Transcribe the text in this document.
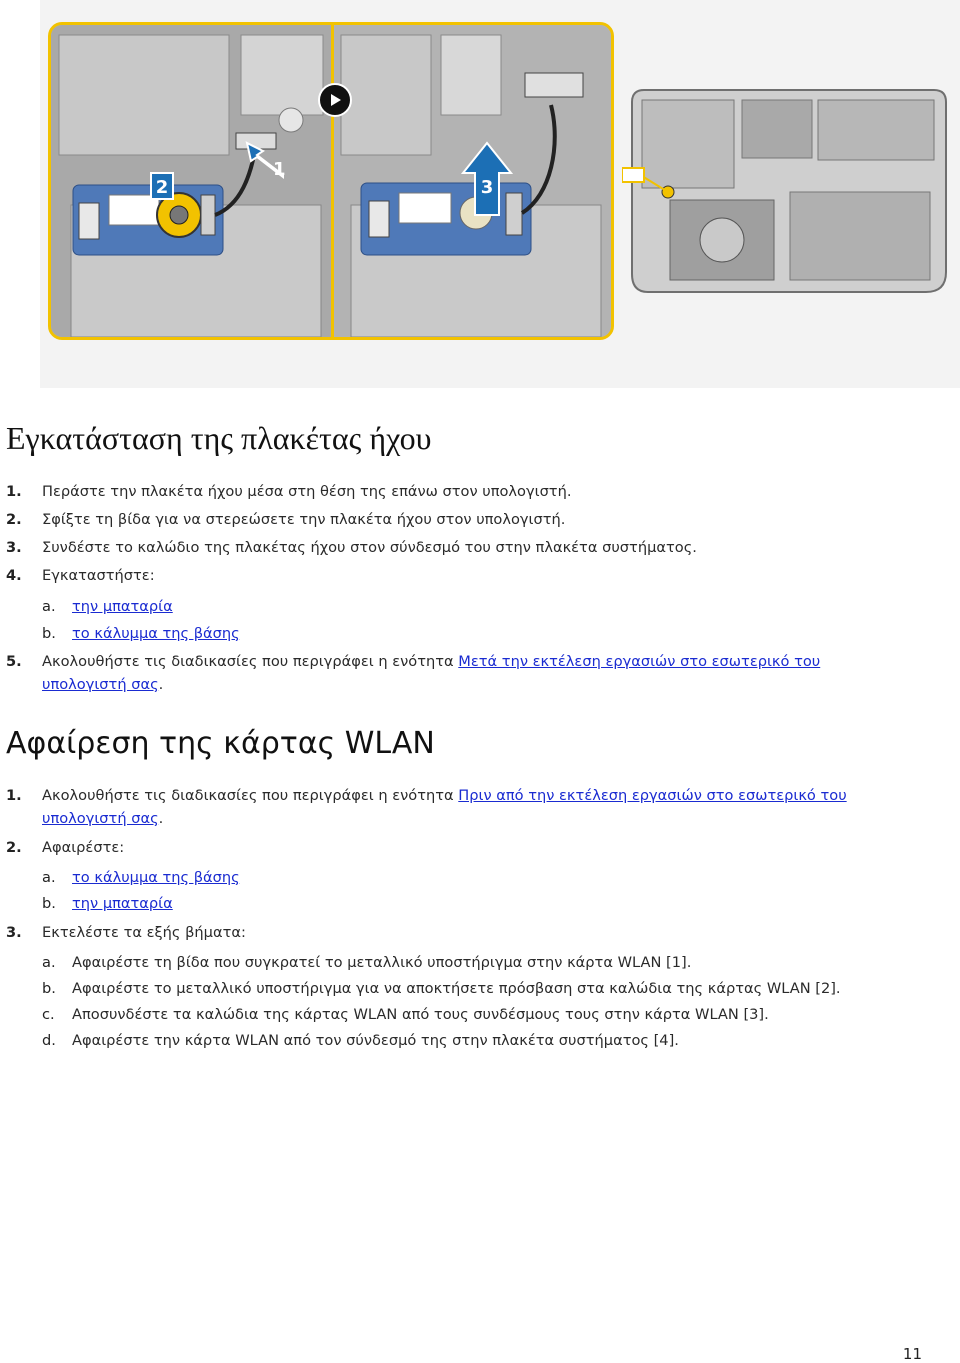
2
1
3
Εγκατάσταση της πλακέτας ήχου
1. Περάστε την πλακέτα ήχου μέσα στη θέση της επάνω στον υπολογιστή.
2. Σφίξτε τη βίδα για να στερεώσετε την πλακέτα ήχου στον υπολογιστή.
3. Συνδέστε το καλώδιο της πλακέτας ήχου στον σύνδεσμό του στην πλακέτα συστήματος.
4. Εγκαταστήστε:
a. την μπαταρία
b. το κάλυμμα της βάσης
5. Ακολουθήστε τις διαδικασίες που περιγράφει η ενότητα Μετά την εκτέλεση εργασιών στο εσωτερικό του
υπολογιστή σας.
Αφαίρεση της κάρτας WLAN
1. Ακολουθήστε τις διαδικασίες που περιγράφει η ενότητα Πριν από την εκτέλεση εργασιών στο εσωτερικό του
υπολογιστή σας.
2. Αφαιρέστε:
a. το κάλυμμα της βάσης
b. την μπαταρία
3. Εκτελέστε τα εξής βήματα:
a. Αφαιρέστε τη βίδα που συγκρατεί το μεταλλικό υποστήριγμα στην κάρτα WLAN [1].
b. Αφαιρέστε το μεταλλικό υποστήριγμα για να αποκτήσετε πρόσβαση στα καλώδια της κάρτας WLAN [2].
c. Αποσυνδέστε τα καλώδια της κάρτας WLAN από τους συνδέσμους τους στην κάρτα WLAN [3].
d. Αφαιρέστε την κάρτα WLAN από τον σύνδεσμό της στην πλακέτα συστήματος [4].
11
